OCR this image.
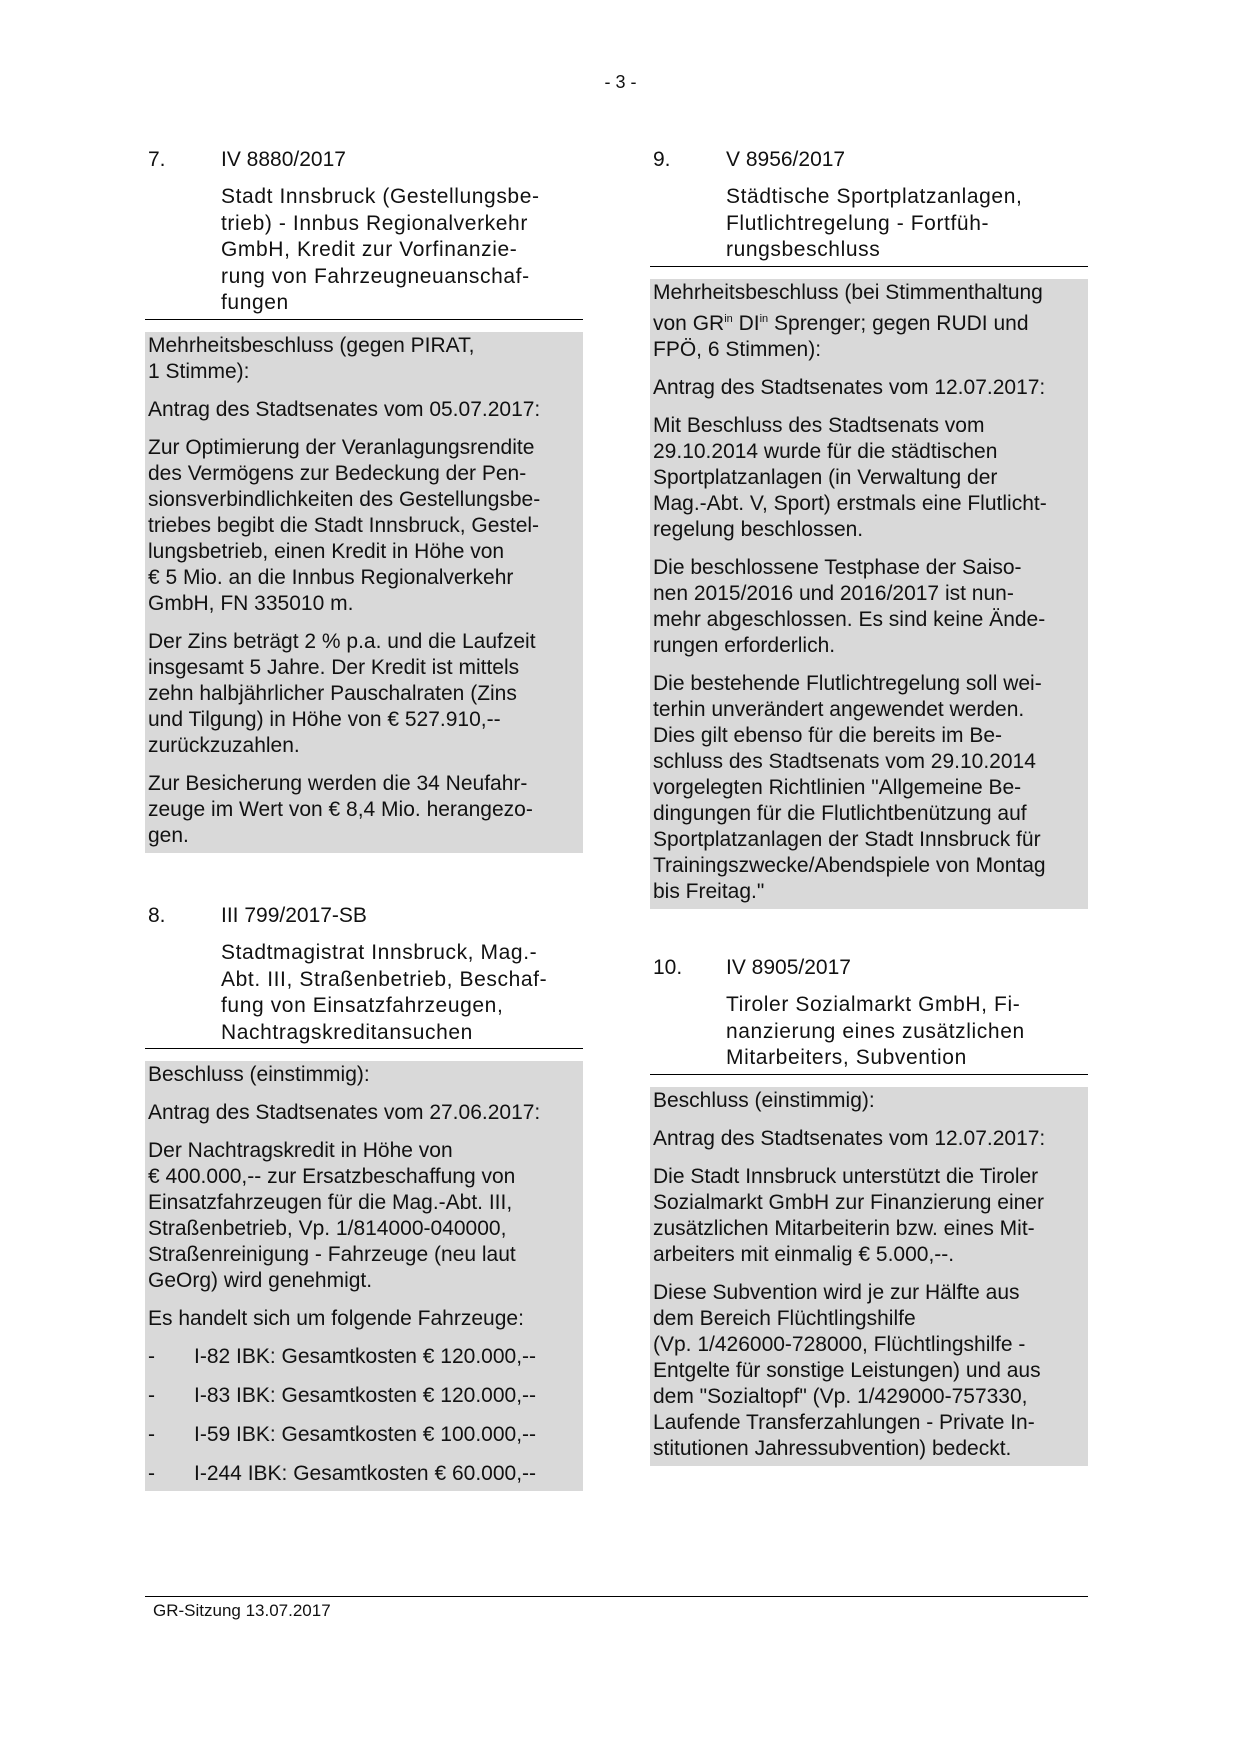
- 3 -
7.	IV 8880/2017
Stadt Innsbruck (Gestellungsbe-
trieb) - Innbus Regionalverkehr
GmbH, Kredit zur Vorfinanzie-
rung von Fahrzeugneuanschaf-
fungen

Mehrheitsbeschluss (gegen PIRAT,
1 Stimme):

Antrag des Stadtsenates vom 05.07.2017:

Zur Optimierung der Veranlagungsrendite
des Vermögens zur Bedeckung der Pen-
sionsverbindlichkeiten des Gestellungsbe-
triebes begibt die Stadt Innsbruck, Gestel-
lungsbetrieb, einen Kredit in Höhe von
€ 5 Mio. an die Innbus Regionalverkehr
GmbH, FN 335010 m.

Der Zins beträgt 2 % p.a. und die Laufzeit
insgesamt 5 Jahre. Der Kredit ist mittels
zehn halbjährlicher Pauschalraten (Zins
und Tilgung) in Höhe von € 527.910,--
zurückzuzahlen.

Zur Besicherung werden die 34 Neufahr-
zeuge im Wert von € 8,4 Mio. herangezo-
gen.

8.	III 799/2017-SB
Stadtmagistrat Innsbruck, Mag.-
Abt. III, Straßenbetrieb, Beschaf-
fung von Einsatzfahrzeugen,
Nachtragskreditansuchen

Beschluss (einstimmig):

Antrag des Stadtsenates vom 27.06.2017:

Der Nachtragskredit in Höhe von
€ 400.000,-- zur Ersatzbeschaffung von
Einsatzfahrzeugen für die Mag.-Abt. III,
Straßenbetrieb, Vp. 1/814000-040000,
Straßenreinigung - Fahrzeuge (neu laut
GeOrg) wird genehmigt.

Es handelt sich um folgende Fahrzeuge:

-	I-82 IBK: Gesamtkosten € 120.000,--
-	I-83 IBK: Gesamtkosten € 120.000,--
-	I-59 IBK: Gesamtkosten € 100.000,--
-	I-244 IBK: Gesamtkosten € 60.000,--
9.	V 8956/2017
Städtische Sportplatzanlagen,
Flutlichtregelung - Fortfüh-
rungsbeschluss

Mehrheitsbeschluss (bei Stimmenthaltung
von $GR^{in}$ $DI^{in}$ Sprenger; gegen RUDI und
FPÖ, 6 Stimmen):

Antrag des Stadtsenates vom 12.07.2017:

Mit Beschluss des Stadtsenats vom
29.10.2014 wurde für die städtischen
Sportplatzanlagen (in Verwaltung der
Mag.-Abt. V, Sport) erstmals eine Flutlicht-
regelung beschlossen.

Die beschlossene Testphase der Saiso-
nen 2015/2016 und 2016/2017 ist nun-
mehr abgeschlossen. Es sind keine Ände-
rungen erforderlich.

Die bestehende Flutlichtregelung soll wei-
terhin unverändert angewendet werden.
Dies gilt ebenso für die bereits im Be-
schluss des Stadtsenats vom 29.10.2014
vorgelegten Richtlinien "Allgemeine Be-
dingungen für die Flutlichtbenützung auf
Sportplatzanlagen der Stadt Innsbruck für
Trainingszwecke/Abendspiele von Montag
bis Freitag."

10.	IV 8905/2017
Tiroler Sozialmarkt GmbH, Fi-
nanzierung eines zusätzlichen
Mitarbeiters, Subvention

Beschluss (einstimmig):

Antrag des Stadtsenates vom 12.07.2017:

Die Stadt Innsbruck unterstützt die Tiroler
Sozialmarkt GmbH zur Finanzierung einer
zusätzlichen Mitarbeiterin bzw. eines Mit-
arbeiters mit einmalig € 5.000,--.

Diese Subvention wird je zur Hälfte aus
dem Bereich Flüchtlingshilfe
(Vp. 1/426000-728000, Flüchtlingshilfe -
Entgelte für sonstige Leistungen) und aus
dem "Sozialtopf" (Vp. 1/429000-757330,
Laufende Transferzahlungen - Private In-
stitutionen Jahressubvention) bedeckt.

GR-Sitzung 13.07.2017
